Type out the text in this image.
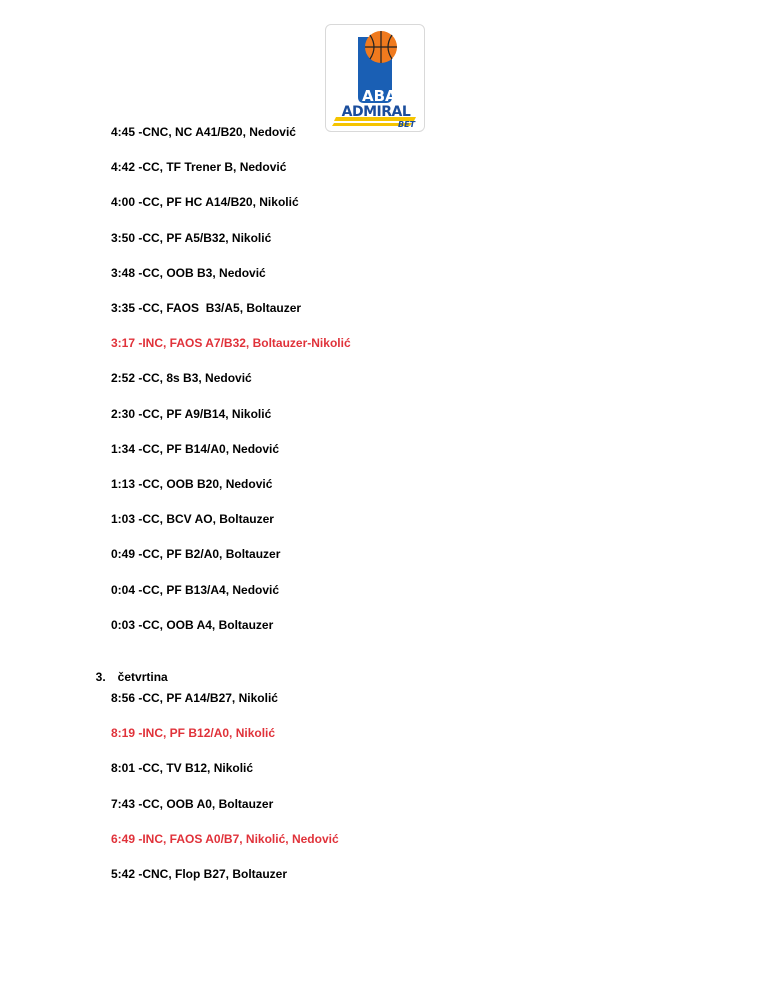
ABA
ADMIRAL
BET
4:45 -CNC, NC A41/B20, Nedović
4:42 -CC, TF Trener B, Nedović
4:00 -CC, PF HC A14/B20, Nikolić
3:50 -CC, PF A5/B32, Nikolić
3:48 -CC, OOB B3, Nedović
3:35 -CC, FAOS  B3/A5, Boltauzer
3:17 -INC, FAOS A7/B32, Boltauzer-Nikolić
2:52 -CC, 8s B3, Nedović
2:30 -CC, PF A9/B14, Nikolić
1:34 -CC, PF B14/A0, Nedović
1:13 -CC, OOB B20, Nedović
1:03 -CC, BCV AO, Boltauzer
0:49 -CC, PF B2/A0, Boltauzer
0:04 -CC, PF B13/A4, Nedović
0:03 -CC, OOB A4, Boltauzer

3. četvrtina

8:56 -CC, PF A14/B27, Nikolić
8:19 -INC, PF B12/A0, Nikolić
8:01 -CC, TV B12, Nikolić
7:43 -CC, OOB A0, Boltauzer
6:49 -INC, FAOS A0/B7, Nikolić, Nedović
5:42 -CNC, Flop B27, Boltauzer
